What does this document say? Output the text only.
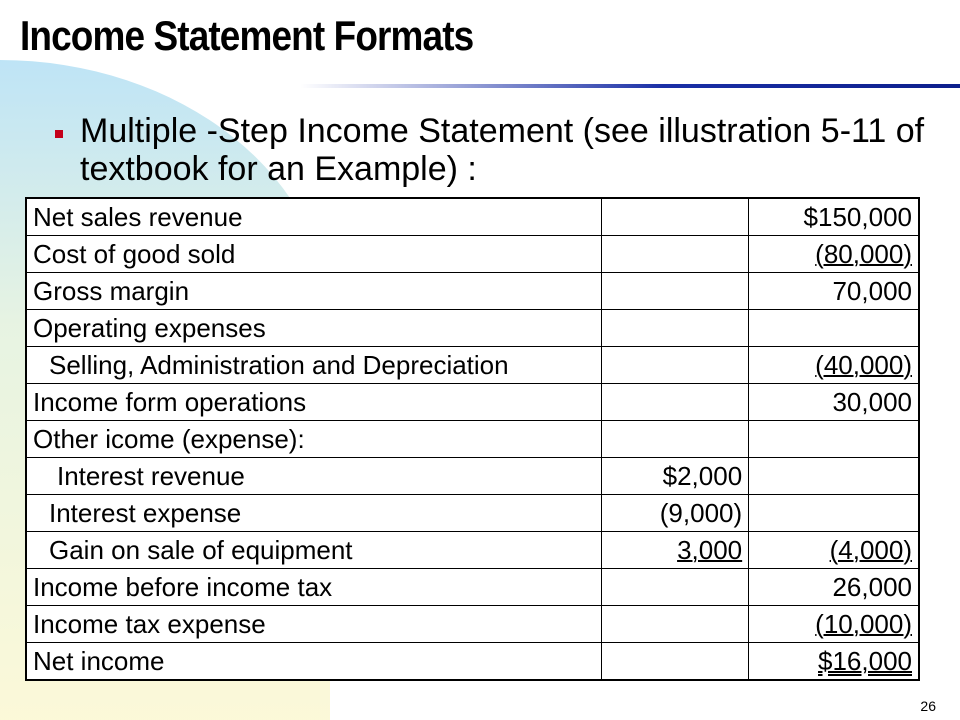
Income Statement Formats
Multiple -Step Income Statement (see illustration 5-11 of textbook for an Example) :
Net sales revenue		$150,000
Cost of good sold		(80,000)
Gross margin		70,000
Operating expenses		
Selling, Administration and Depreciation		(40,000)
Income form operations		30,000
Other icome (expense):		
Interest revenue	$2,000	
Interest expense	(9,000)	
Gain on sale of equipment	3,000	(4,000)
Income before income tax		26,000
Income tax expense		(10,000)
Net income		$16,000
26
